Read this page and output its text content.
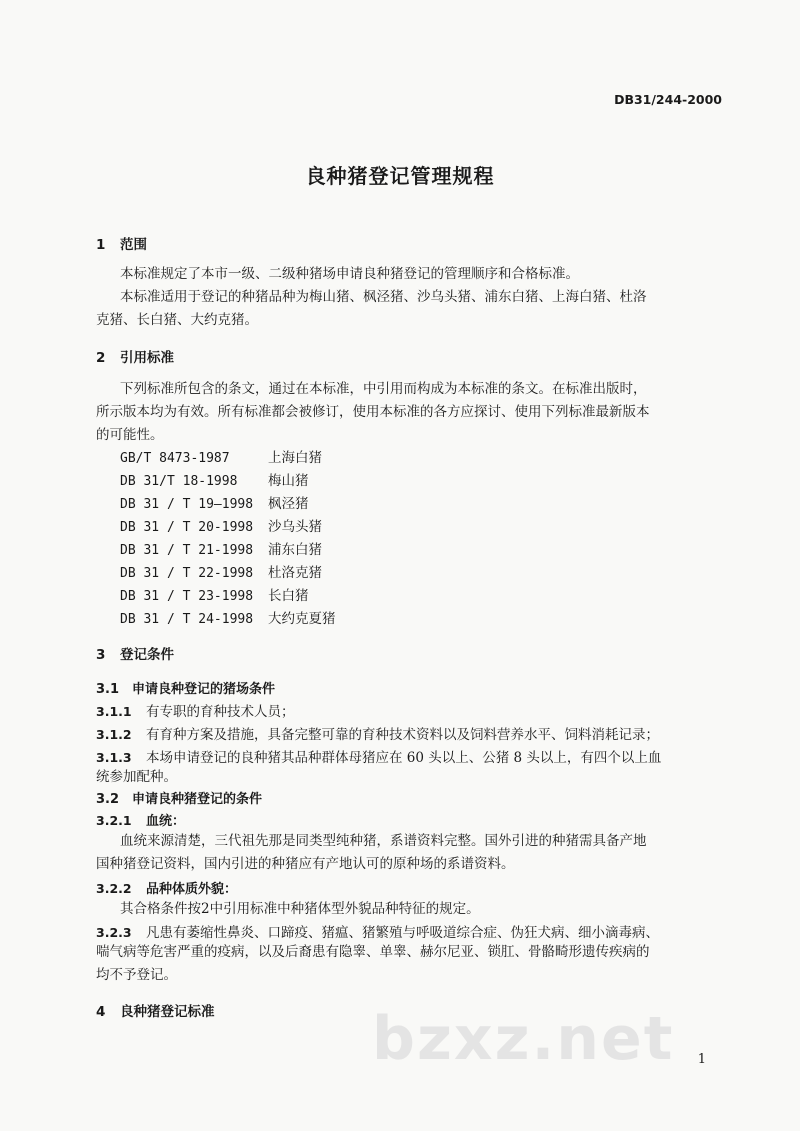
DB31/244-2000
良种猪登记管理规程
1 范围
本标准规定了本市一级、二级种猪场申请良种猪登记的管理顺序和合格标准。
本标准适用于登记的种猪品种为梅山猪、枫泾猪、沙乌头猪、浦东白猪、上海白猪、杜洛
克猪、长白猪、大约克猪。
2 引用标准
下列标准所包含的条文，通过在本标准，中引用而构成为本标准的条文。在标准出版时，
所示版本均为有效。所有标准都会被修订，使用本标准的各方应探讨、使用下列标准最新版本
的可能性。
GB/T 8473-1987	上海白猪
DB 31/T 18-1998 梅山猪
DB 31 / T 19—1998 枫泾猪
DB 31 / T 20-1998 沙乌头猪
DB 31 / T 21-1998 浦东白猪
DB 31 / T 22-1998 杜洛克猪
DB 31 / T 23-1998 长白猪
DB 31 / T 24-1998 大约克夏猪
3 登记条件
3.1 申请良种登记的猪场条件
3.1.1 有专职的育种技术人员；
3.1.2 有育种方案及措施，具备完整可靠的育种技术资料以及饲料营养水平、饲料消耗记录；
3.1.3 本场申请登记的良种猪其品种群体母猪应在 60 头以上、公猪 8 头以上，有四个以上血
统参加配种。
3.2 申请良种猪登记的条件
3.2.1 血统：
血统来源清楚，三代祖先那是同类型纯种猪，系谱资料完整。国外引进的种猪需具备产地
国种猪登记资料，国内引进的种猪应有产地认可的原种场的系谱资料。
3.2.2 品种体质外貌：
其合格条件按2中引用标准中种猪体型外貌品种特征的规定。
3.2.3 凡患有萎缩性鼻炎、口蹄疫、猪瘟、猪繁殖与呼吸道综合症、伪狂犬病、细小滴毒病、
喘气病等危害严重的疫病，以及后裔患有隐睾、单睾、赫尔尼亚、锁肛、骨骼畸形遗传疾病的
均不予登记。
4 良种猪登记标准	bzxz.net 1
